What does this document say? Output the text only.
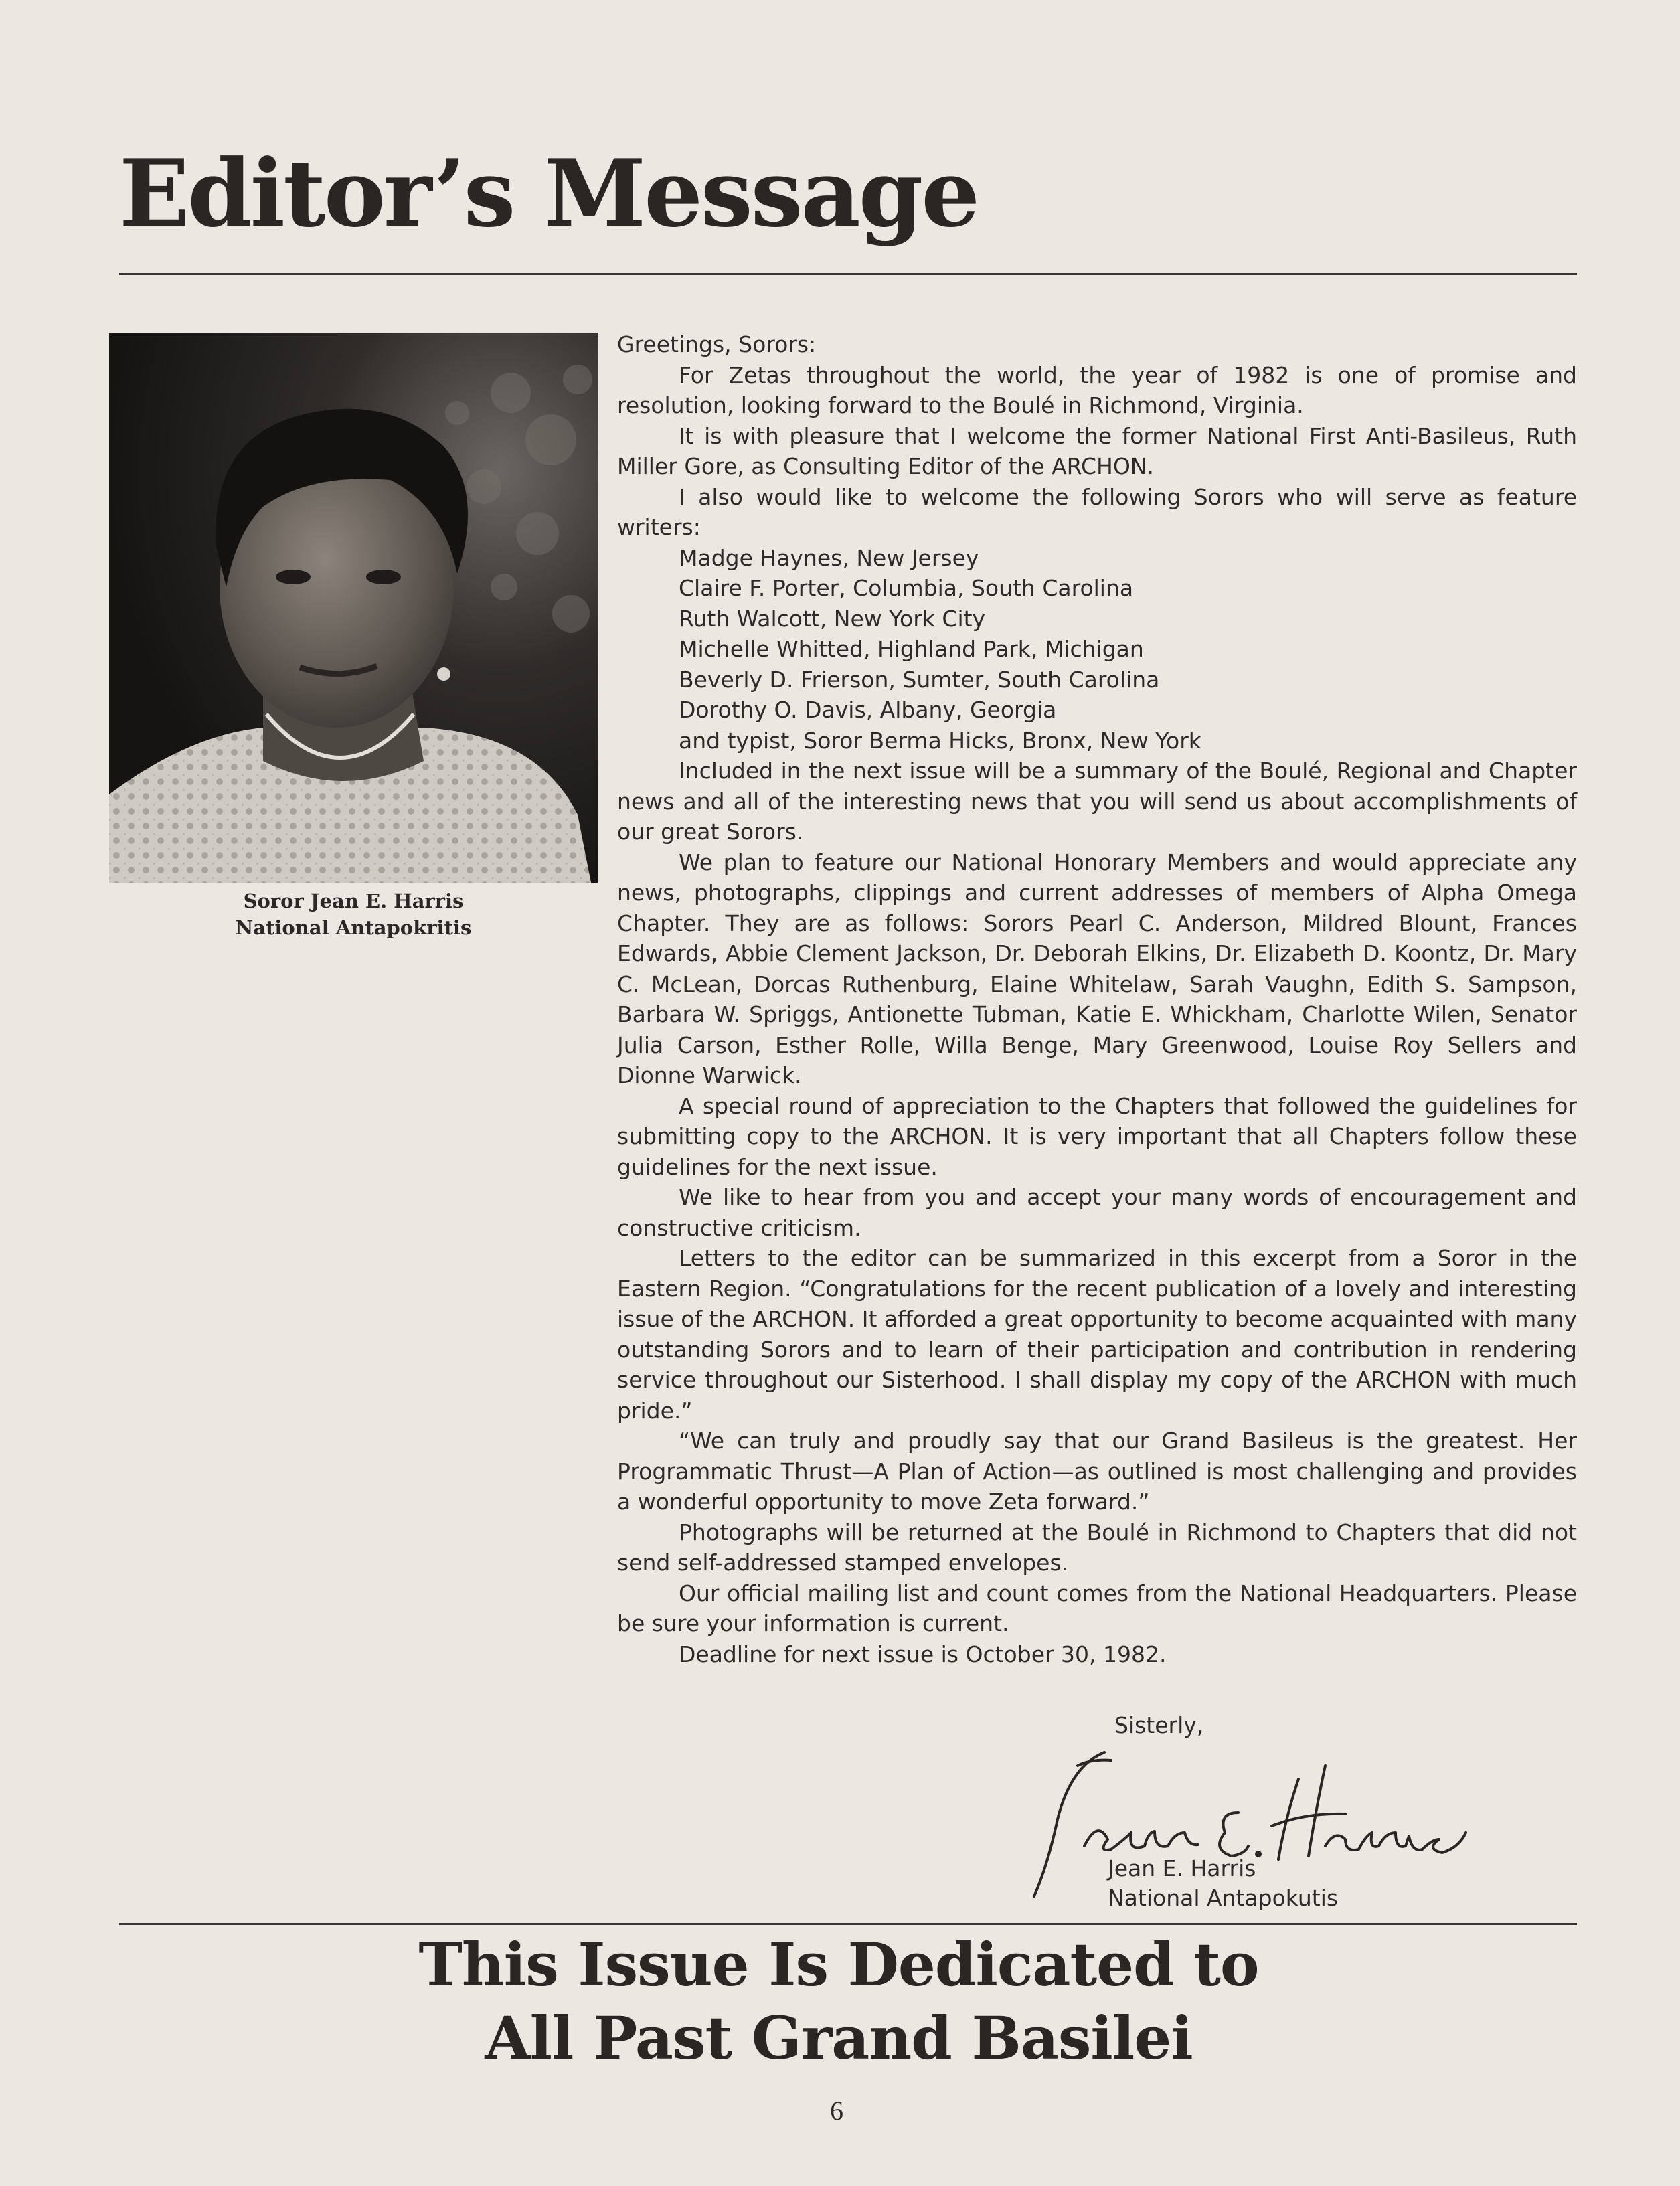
Editor’s Message
Soror Jean E. Harris
National Antapokritis

Greetings, Sorors:

For Zetas throughout the world, the year of 1982 is one of promise and resolution, looking forward to the Boulé in Richmond, Virginia.

It is with pleasure that I welcome the former National First Anti-Basileus, Ruth Miller Gore, as Consulting Editor of the ARCHON.

I also would like to welcome the following Sorors who will serve as feature writers:

Madge Haynes, New Jersey
Claire F. Porter, Columbia, South Carolina
Ruth Walcott, New York City
Michelle Whitted, Highland Park, Michigan
Beverly D. Frierson, Sumter, South Carolina
Dorothy O. Davis, Albany, Georgia
and typist, Soror Berma Hicks, Bronx, New York

Included in the next issue will be a summary of the Boulé, Regional and Chapter news and all of the interesting news that you will send us about accomplishments of our great Sorors.

We plan to feature our National Honorary Members and would appreciate any news, photographs, clippings and current addresses of members of Alpha Omega Chapter. They are as follows: Sorors Pearl C. Anderson, Mildred Blount, Frances Edwards, Abbie Clement Jackson, Dr. Deborah Elkins, Dr. Elizabeth D. Koontz, Dr. Mary C. McLean, Dorcas Ruthenburg, Elaine Whitelaw, Sarah Vaughn, Edith S. Sampson, Barbara W. Spriggs, Antionette Tubman, Katie E. Whickham, Charlotte Wilen, Senator Julia Carson, Esther Rolle, Willa Benge, Mary Greenwood, Louise Roy Sellers and Dionne Warwick.

A special round of appreciation to the Chapters that followed the guidelines for submitting copy to the ARCHON. It is very important that all Chapters follow these guidelines for the next issue.

We like to hear from you and accept your many words of encouragement and constructive criticism.

Letters to the editor can be summarized in this excerpt from a Soror in the Eastern Region. “Congratulations for the recent publication of a lovely and interesting issue of the ARCHON. It afforded a great opportunity to become acquainted with many outstanding Sorors and to learn of their participation and contribution in rendering service throughout our Sisterhood. I shall display my copy of the ARCHON with much pride.”

“We can truly and proudly say that our Grand Basileus is the greatest. Her Programmatic Thrust—A Plan of Action—as outlined is most challenging and provides a wonderful opportunity to move Zeta forward.”

Photographs will be returned at the Boulé in Richmond to Chapters that did not send self-addressed stamped envelopes.

Our official mailing list and count comes from the National Headquarters. Please be sure your information is current.

Deadline for next issue is October 30, 1982.

Sisterly,
Jean E. Harris
National Antapokutis
This Issue Is Dedicated to
All Past Grand Basilei
6
